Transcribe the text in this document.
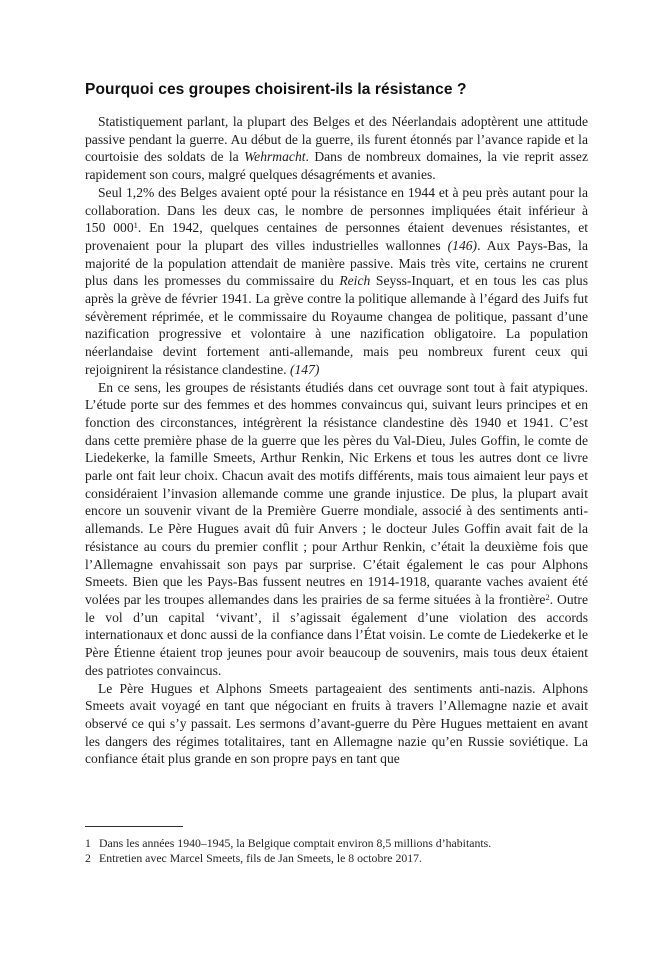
Pourquoi ces groupes choisirent-ils la résistance ?

Statistiquement parlant, la plupart des Belges et des Néerlandais adoptèrent une attitude passive pendant la guerre. Au début de la guerre, ils furent étonnés par l’avance rapide et la courtoisie des soldats de la Wehrmacht. Dans de nombreux domaines, la vie reprit assez rapidement son cours, malgré quelques désagréments et avanies.

Seul 1,2% des Belges avaient opté pour la résistance en 1944 et à peu près autant pour la collaboration. Dans les deux cas, le nombre de personnes impliquées était inférieur à 150 $000^1$. En 1942, quelques centaines de personnes étaient devenues résistantes, et provenaient pour la plupart des villes industrielles wallonnes (146). Aux Pays-Bas, la majorité de la population attendait de manière passive. Mais très vite, certains ne crurent plus dans les promesses du commissaire du Reich Seyss-Inquart, et en tous les cas plus après la grève de février 1941. La grève contre la politique allemande à l’égard des Juifs fut sévèrement réprimée, et le commissaire du Royaume changea de politique, passant d’une nazification progressive et volontaire à une nazification obligatoire. La population néerlandaise devint fortement anti-allemande, mais peu nombreux furent ceux qui rejoignirent la résistance clandestine. (147)

En ce sens, les groupes de résistants étudiés dans cet ouvrage sont tout à fait atypiques. L’étude porte sur des femmes et des hommes convaincus qui, suivant leurs principes et en fonction des circonstances, intégrèrent la résistance clandestine dès 1940 et 1941. C’est dans cette première phase de la guerre que les pères du Val-Dieu, Jules Goffin, le comte de Liedekerke, la famille Smeets, Arthur Renkin, Nic Erkens et tous les autres dont ce livre parle ont fait leur choix. Chacun avait des motifs différents, mais tous aimaient leur pays et considéraient l’invasion allemande comme une grande injustice. De plus, la plupart avait encore un souvenir vivant de la Première Guerre mondiale, associé à des sentiments anti-allemands. Le Père Hugues avait dû fuir Anvers ; le docteur Jules Goffin avait fait de la résistance au cours du premier conflit ; pour Arthur Renkin, c’était la deuxième fois que l’Allemagne envahissait son pays par surprise. C’était également le cas pour Alphons Smeets. Bien que les Pays-Bas fussent neutres en 1914-1918, quarante vaches avaient été volées par les troupes allemandes dans les prairies de sa ferme situées à la frontière$^2$. Outre le vol d’un capital ‘vivant’, il s’agissait également d’une violation des accords internationaux et donc aussi de la confiance dans l’État voisin. Le comte de Liedekerke et le Père Étienne étaient trop jeunes pour avoir beaucoup de souvenirs, mais tous deux étaient des patriotes convaincus.

Le Père Hugues et Alphons Smeets partageaient des sentiments anti-nazis. Alphons Smeets avait voyagé en tant que négociant en fruits à travers l’Allemagne nazie et avait observé ce qui s’y passait. Les sermons d’avant-guerre du Père Hugues mettaient en avant les dangers des régimes totalitaires, tant en Allemagne nazie qu’en Russie soviétique. La confiance était plus grande en son propre pays en tant que

1 Dans les années 1940–1945, la Belgique comptait environ 8,5 millions d’habitants.
2 Entretien avec Marcel Smeets, fils de Jan Smeets, le 8 octobre 2017.
